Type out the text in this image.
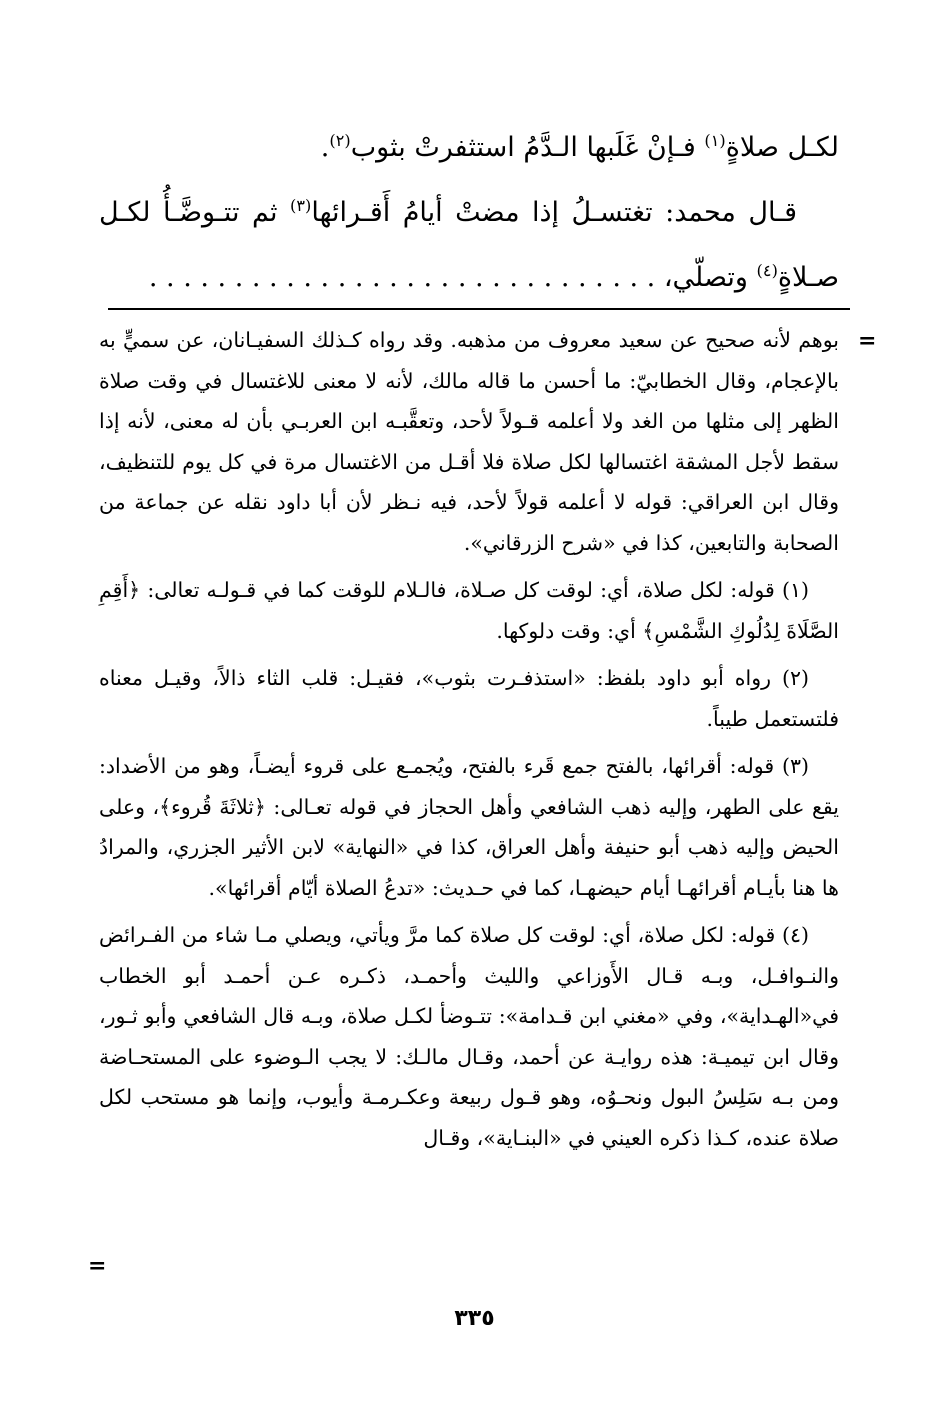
لكـل صلاةٍ$^{(١)}$ فـإنْ غَلَبها الـدَّمُ استثفرتْ بثوب$^{(٢)}$.

قـال محمد: تغتسـلُ إذا مضتْ أيامُ أَقـرائها$^{(٣)}$ ثم تتـوضَّـأُ لكـل صـلاةٍ$^{(٤)}$ وتصلّي، . . . . . . . . . . . . . . . . . . . . . . . . . . . . . .

=

بوهم لأنه صحيح عن سعيد معروف من مذهبه. وقد رواه كـذلك السفيـانان، عن سميٍّ به بالإعجام، وقال الخطابيّ: ما أحسن ما قاله مالك، لأنه لا معنى للاغتسال في وقت صلاة الظهر إلى مثلها من الغد ولا أعلمه قـولاً لأحد، وتعقَّبـه ابن العربـي بأن له معنى، لأنه إذا سقط لأجل المشقة اغتسالها لكل صلاة فلا أقـل من الاغتسال مرة في كل يوم للتنظيف، وقال ابن العراقي: قوله لا أعلمه قولاً لأحد، فيه نـظر لأن أبا داود نقله عن جماعة من الصحابة والتابعين، كذا في «شرح الزرقاني».

(١) قوله: لكل صلاة، أي: لوقت كل صـلاة، فالـلام للوقت كما في قـولـه تعالى: ﴿أَقِمِ الصَّلَاةَ لِدُلُوكِ الشَّمْسِ﴾ أي: وقت دلوكها.

(٢) رواه أبو داود بلفظ: «استذفـرت بثوب»، فقيـل: قلب الثاء ذالاً، وقيـل معناه فلتستعمل طيباً.

(٣) قوله: أقرائها، بالفتح جمع قَرء بالفتح، ويُجمـع على قروء أيضـاً، وهو من الأضداد: يقع على الطهر، وإليه ذهب الشافعي وأهل الحجاز في قوله تعـالى: ﴿ثلاثَةَ قُروء﴾، وعلى الحيض وإليه ذهب أبو حنيفة وأهل العراق، كذا في «النهاية» لابن الأثير الجزري، والمرادُ ها هنا بأيـام أقرائهـا أيام حيضهـا، كما في حـديث: «تدعُ الصلاة أيّام أقرائها».

(٤) قوله: لكل صلاة، أي: لوقت كل صلاة كما مرَّ ويأتي، ويصلي مـا شاء من الفـرائض والنـوافـل، وبـه قـال الأَوزاعي والليث وأحمـد، ذكـره عـن أحمـد أبو الخطاب في«الهـداية»، وفي «مغني ابن قـدامة»: تتـوضأ لكـل صلاة، وبـه قال الشافعي وأبو ثـور، وقال ابن تيميـة: هذه روايـة عن أحمد، وقـال مالـك: لا يجب الـوضوء على المستحـاضة ومن بـه سَلِسُ البول ونحـوُه، وهو قـول ربيعة وعكـرمـة وأيوب، وإنما هو مستحب لكل صلاة عنده، كـذا ذكره العيني في «البنـاية»، وقـال

=
٣٣٥
